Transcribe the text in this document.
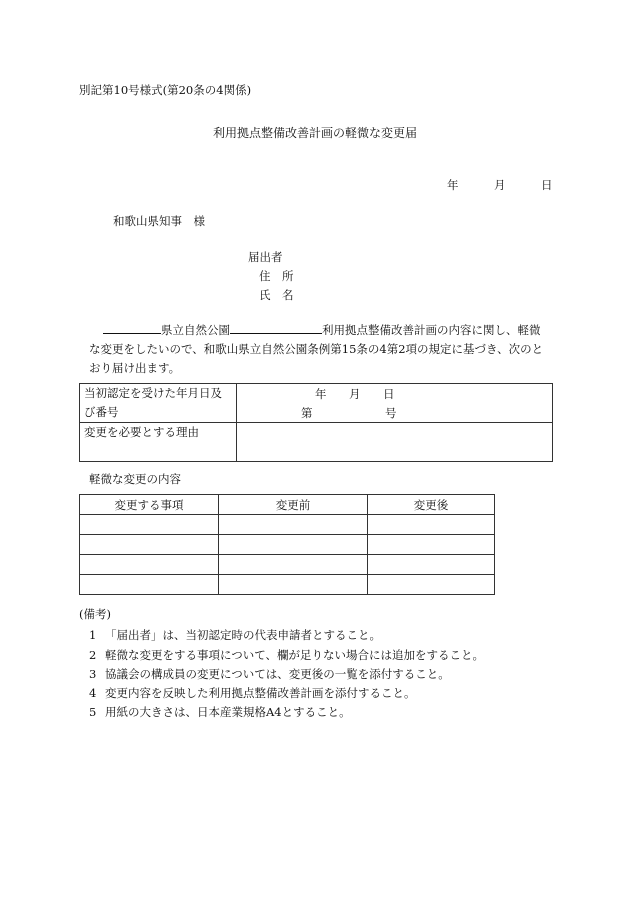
別記第10号様式(第20条の4関係)
利用拠点整備改善計画の軽微な変更届
年	月	日
和歌山県知事　様
届出者
住　所
氏　名
県立自然公園	利用拠点整備改善計画の内容に関し、軽微
な変更をしたいので、和歌山県立自然公園条例第15条の4第2項の規定に基づき、次のと
おり届け出ます。
当初認定を受けた年月日及
び番号	年 月 日
第 号

変更を必要とする理由	
軽微な変更の内容
変更する事項	変更前	変更後

(備考)
1 「届出者」は、当初認定時の代表申請者とすること。
2 軽微な変更をする事項について、欄が足りない場合には追加をすること。
3 協議会の構成員の変更については、変更後の一覧を添付すること。
4 変更内容を反映した利用拠点整備改善計画を添付すること。
5 用紙の大きさは、日本産業規格A4とすること。
